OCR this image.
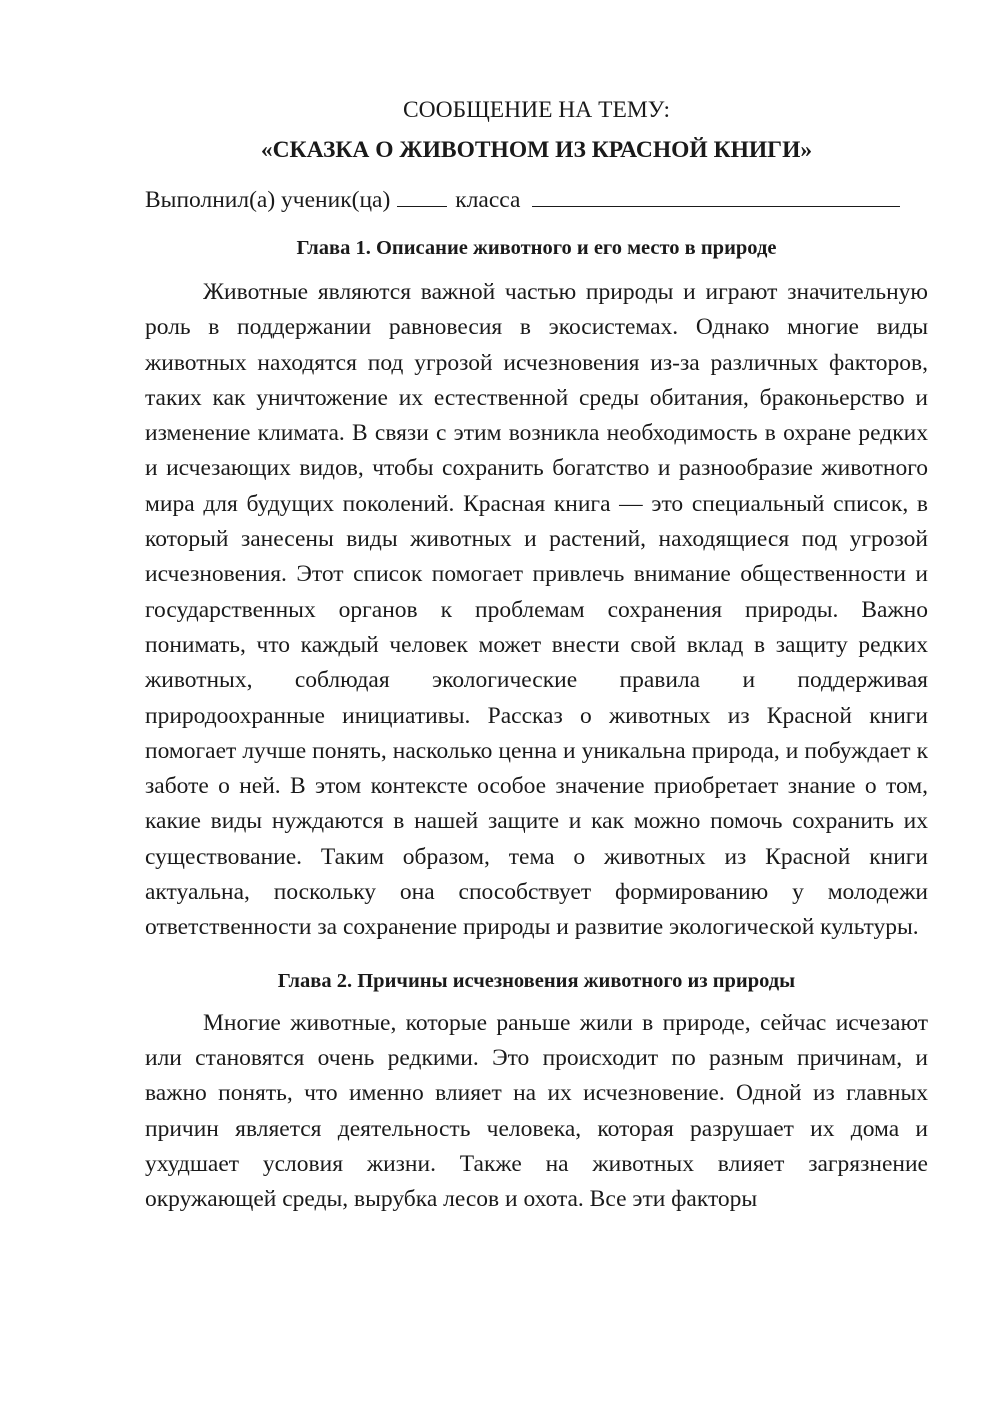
СООБЩЕНИЕ НА ТЕМУ:

«СКАЗКА О ЖИВОТНОМ ИЗ КРАСНОЙ КНИГИ»

Выполнил(а) ученик(ца)	класса

Глава 1. Описание животного и его место в природе

Животные являются важной частью природы и играют значительную роль в поддержании равновесия в экосистемах. Однако многие виды животных находятся под угрозой исчезновения из-за различных факторов, таких как уничтожение их естественной среды обитания, браконьерство и изменение климата. В связи с этим возникла необходимость в охране редких и исчезающих видов, чтобы сохранить богатство и разнообразие животного мира для будущих поколений. Красная книга — это специальный список, в который занесены виды животных и растений, находящиеся под угрозой исчезновения. Этот список помогает привлечь внимание общественности и государственных органов к проблемам сохранения природы. Важно понимать, что каждый человек может внести свой вклад в защиту редких животных, соблюдая экологические правила и поддерживая природоохранные инициативы. Рассказ о животных из Красной книги помогает лучше понять, насколько ценна и уникальна природа, и побуждает к заботе о ней. В этом контексте особое значение приобретает знание о том, какие виды нуждаются в нашей защите и как можно помочь сохранить их существование. Таким образом, тема о животных из Красной книги актуальна, поскольку она способствует формированию у молодежи ответственности за сохранение природы и развитие экологической культуры.

Глава 2. Причины исчезновения животного из природы

Многие животные, которые раньше жили в природе, сейчас исчезают или становятся очень редкими. Это происходит по разным причинам, и важно понять, что именно влияет на их исчезновение. Одной из главных причин является деятельность человека, которая разрушает их дома и ухудшает условия жизни. Также на животных влияет загрязнение окружающей среды, вырубка лесов и охота. Все эти факторы
